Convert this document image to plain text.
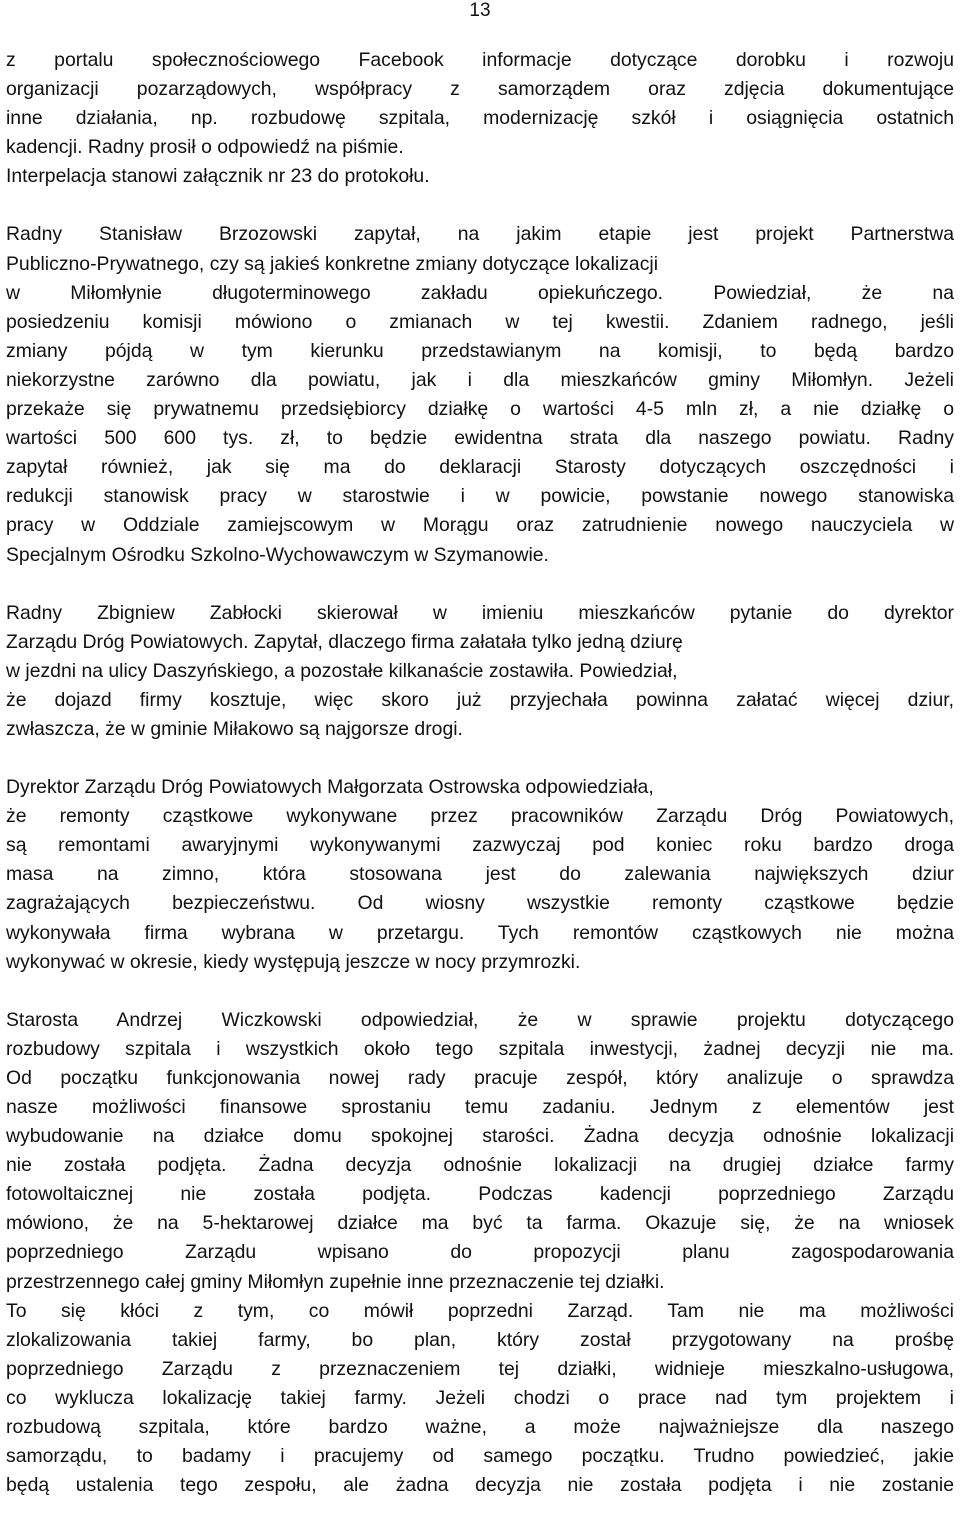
13

z portalu społecznościowego Facebook informacje dotyczące dorobku i rozwoju
organizacji pozarządowych, współpracy z samorządem oraz zdjęcia dokumentujące
inne działania, np. rozbudowę szpitala, modernizację szkół i osiągnięcia ostatnich
kadencji. Radny prosił o odpowiedź na piśmie.
Interpelacja stanowi załącznik nr 23 do protokołu.

Radny Stanisław Brzozowski zapytał, na jakim etapie jest projekt Partnerstwa
Publiczno-Prywatnego, czy są jakieś konkretne zmiany dotyczące lokalizacji
w Miłomłynie długoterminowego zakładu opiekuńczego. Powiedział, że na
posiedzeniu komisji mówiono o zmianach w tej kwestii. Zdaniem radnego, jeśli
zmiany pójdą w tym kierunku przedstawianym na komisji, to będą bardzo
niekorzystne zarówno dla powiatu, jak i dla mieszkańców gminy Miłomłyn. Jeżeli
przekaże się prywatnemu przedsiębiorcy działkę o wartości 4-5 mln zł, a nie działkę o
wartości 500 600 tys. zł, to będzie ewidentna strata dla naszego powiatu. Radny
zapytał również, jak się ma do deklaracji Starosty dotyczących oszczędności i
redukcji stanowisk pracy w starostwie i w powicie, powstanie nowego stanowiska
pracy w Oddziale zamiejscowym w Morągu oraz zatrudnienie nowego nauczyciela w
Specjalnym Ośrodku Szkolno-Wychowawczym w Szymanowie.

Radny Zbigniew Zabłocki skierował w imieniu mieszkańców pytanie do dyrektor
Zarządu Dróg Powiatowych. Zapytał, dlaczego firma załatała tylko jedną dziurę
w jezdni na ulicy Daszyńskiego, a pozostałe kilkanaście zostawiła. Powiedział,
że dojazd firmy kosztuje, więc skoro już przyjechała powinna załatać więcej dziur,
zwłaszcza, że w gminie Miłakowo są najgorsze drogi.

Dyrektor Zarządu Dróg Powiatowych Małgorzata Ostrowska odpowiedziała,
że remonty cząstkowe wykonywane przez pracowników Zarządu Dróg Powiatowych,
są remontami awaryjnymi wykonywanymi zazwyczaj pod koniec roku bardzo droga
masa na zimno, która stosowana jest do zalewania największych dziur
zagrażających bezpieczeństwu. Od wiosny wszystkie remonty cząstkowe będzie
wykonywała firma wybrana w przetargu. Tych remontów cząstkowych nie można
wykonywać w okresie, kiedy występują jeszcze w nocy przymrozki.

Starosta Andrzej Wiczkowski odpowiedział, że w sprawie projektu dotyczącego
rozbudowy szpitala i wszystkich około tego szpitala inwestycji, żadnej decyzji nie ma.
Od początku funkcjonowania nowej rady pracuje zespół, który analizuje o sprawdza
nasze możliwości finansowe sprostaniu temu zadaniu. Jednym z elementów jest
wybudowanie na działce domu spokojnej starości. Żadna decyzja odnośnie lokalizacji
nie została podjęta. Żadna decyzja odnośnie lokalizacji na drugiej działce farmy
fotowoltaicznej nie została podjęta. Podczas kadencji poprzedniego Zarządu
mówiono, że na 5-hektarowej działce ma być ta farma. Okazuje się, że na wniosek
poprzedniego Zarządu wpisano do propozycji planu zagospodarowania
przestrzennego całej gminy Miłomłyn zupełnie inne przeznaczenie tej działki.
To się kłóci z tym, co mówił poprzedni Zarząd. Tam nie ma możliwości
zlokalizowania takiej farmy, bo plan, który został przygotowany na prośbę
poprzedniego Zarządu z przeznaczeniem tej działki, widnieje mieszkalno-usługowa,
co wyklucza lokalizację takiej farmy. Jeżeli chodzi o prace nad tym projektem i
rozbudową szpitala, które bardzo ważne, a może najważniejsze dla naszego
samorządu, to badamy i pracujemy od samego początku. Trudno powiedzieć, jakie
będą ustalenia tego zespołu, ale żadna decyzja nie została podjęta i nie zostanie
